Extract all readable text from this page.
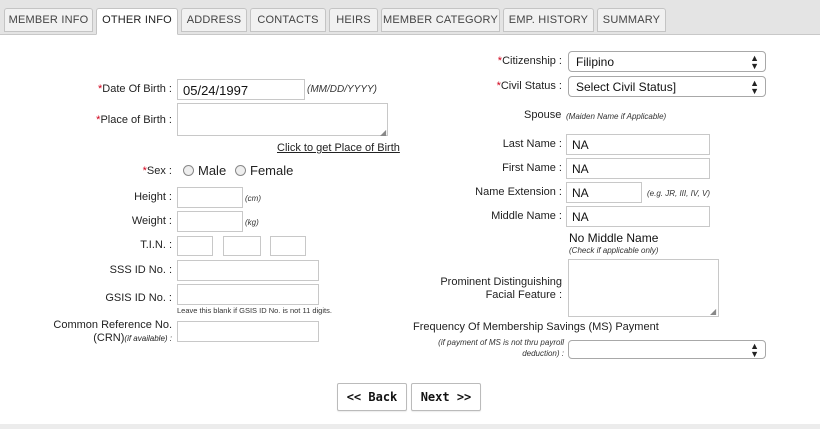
MEMBER INFO	OTHER INFO	ADDRESS	CONTACTS	HEIRS	MEMBER CATEGORY EMP. HISTORY	SUMMARY
*Date Of Birth : 05/24/1997	(MM/DD/YYYY)
*Place of Birth :
◢
Click to get Place of Birth
*Sex : Male Female
Height :	(cm)
Weight :	(kg)
T.I.N. :
SSS ID No. :
GSIS ID No. :
Leave this blank if GSIS ID No. is not 11 digits.
Common Reference No.
(CRN)(if available) :
*Citizenship :	Filipino	▲
▼
*Civil Status :	Select Civil Status]	▲
▼
Spouse (Maiden Name if Applicable)
Last Name : NA
First Name : NA
Name Extension : NA	(e.g. JR, III, IV, V)
Middle Name : NA
No Middle Name
(Check if applicable only)
Prominent Distinguishing
Facial Feature :
◢
Frequency Of Membership Savings (MS) Payment
(if payment of MS is not thru payroll
deduction) :
▲
▼
<< Back	Next >>
